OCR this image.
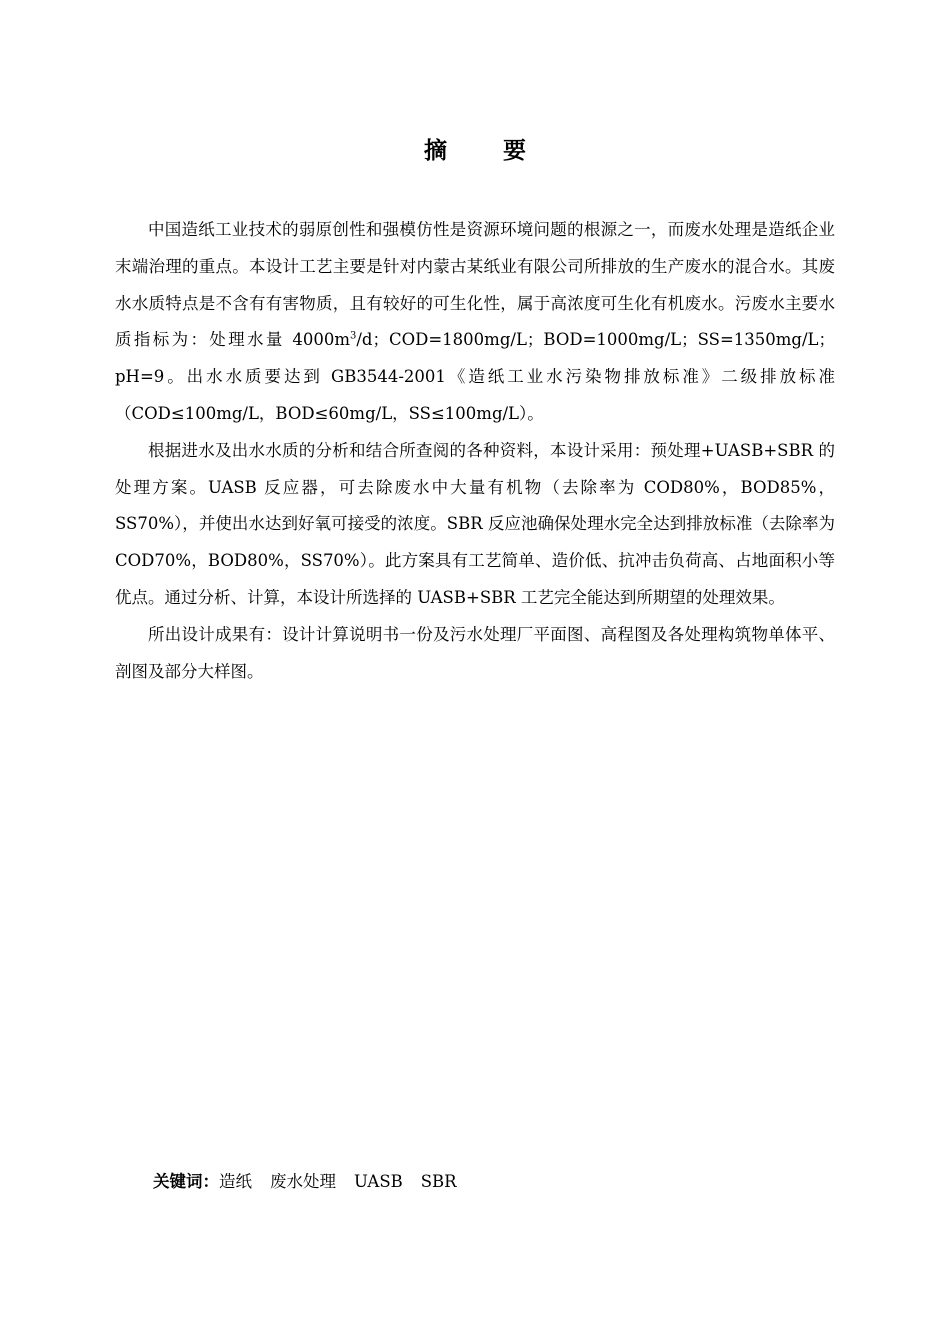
摘 要

中国造纸工业技术的弱原创性和强模仿性是资源环境问题的根源之一，而废水处理是造纸企业末端治理的重点。本设计工艺主要是针对内蒙古某纸业有限公司所排放的生产废水的混合水。其废水水质特点是不含有有害物质，且有较好的可生化性，属于高浓度可生化有机废水。污废水主要水质指标为：处理水量 $4000m^3/d$；COD=1800mg/L；BOD=1000mg/L；SS=1350mg/L；pH=9。出水水质要达到 GB3544-2001《造纸工业水污染物排放标准》二级排放标准（COD≤100mg/L，BOD≤60mg/L，SS≤100mg/L）。

根据进水及出水水质的分析和结合所查阅的各种资料，本设计采用：预处理+UASB+SBR 的处理方案。UASB 反应器，可去除废水中大量有机物（去除率为 COD80%，BOD85%，SS70%），并使出水达到好氧可接受的浓度。SBR 反应池确保处理水完全达到排放标准（去除率为 COD70%，BOD80%，SS70%）。此方案具有工艺简单、造价低、抗冲击负荷高、占地面积小等优点。通过分析、计算，本设计所选择的 UASB+SBR 工艺完全能达到所期望的处理效果。

所出设计成果有：设计计算说明书一份及污水处理厂平面图、高程图及各处理构筑物单体平、剖图及部分大样图。

关键词：造纸 废水处理 UASB SBR
